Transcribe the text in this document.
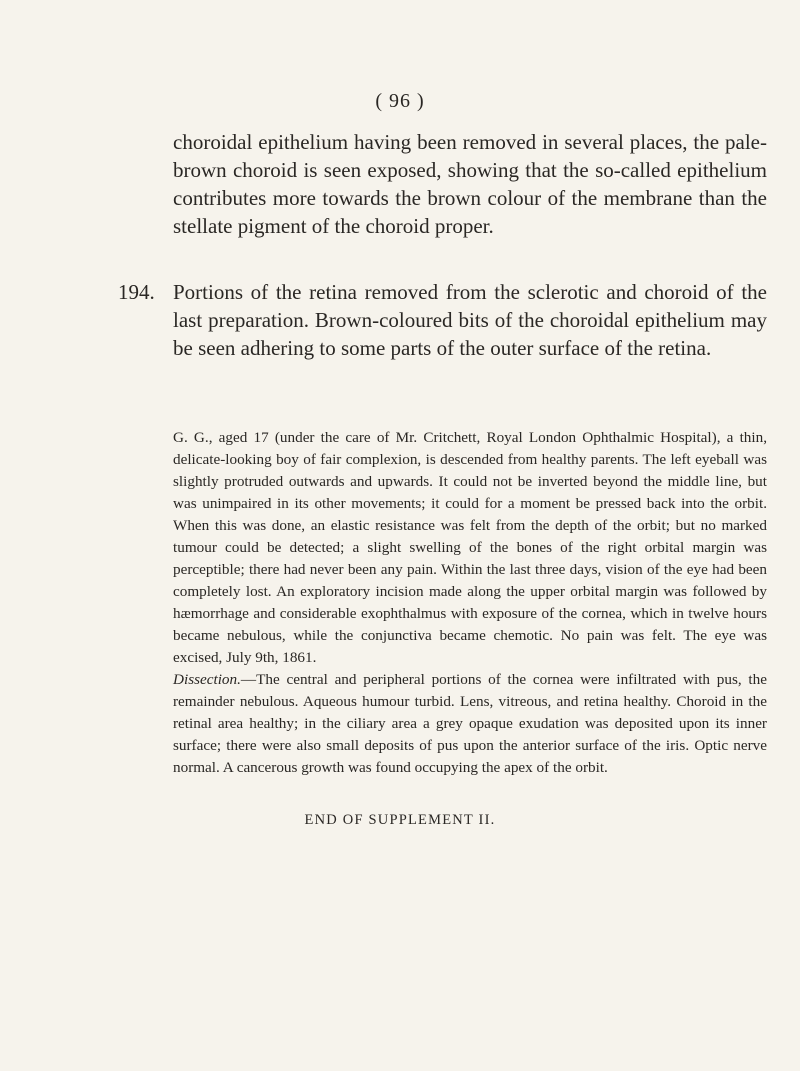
( 96 )
choroidal epithelium having been removed in several places, the pale-brown choroid is seen exposed, showing that the so-called epithelium contributes more towards the brown colour of the membrane than the stellate pigment of the choroid proper.
194. Portions of the retina removed from the sclerotic and choroid of the last preparation. Brown-coloured bits of the choroidal epithelium may be seen adhering to some parts of the outer surface of the retina.

G. G., aged 17 (under the care of Mr. Critchett, Royal London Ophthalmic Hospital), a thin, delicate-looking boy of fair complexion, is descended from healthy parents. The left eyeball was slightly protruded outwards and upwards. It could not be inverted beyond the middle line, but was unimpaired in its other movements; it could for a moment be pressed back into the orbit. When this was done, an elastic resistance was felt from the depth of the orbit; but no marked tumour could be detected; a slight swelling of the bones of the right orbital margin was perceptible; there had never been any pain. Within the last three days, vision of the eye had been completely lost. An exploratory incision made along the upper orbital margin was followed by hæmorrhage and considerable exophthalmus with exposure of the cornea, which in twelve hours became nebulous, while the conjunctiva became chemotic. No pain was felt. The eye was excised, July 9th, 1861.

Dissection.—The central and peripheral portions of the cornea were infiltrated with pus, the remainder nebulous. Aqueous humour turbid. Lens, vitreous, and retina healthy. Choroid in the retinal area healthy; in the ciliary area a grey opaque exudation was deposited upon its inner surface; there were also small deposits of pus upon the anterior surface of the iris. Optic nerve normal. A cancerous growth was found occupying the apex of the orbit.

END OF SUPPLEMENT II.
